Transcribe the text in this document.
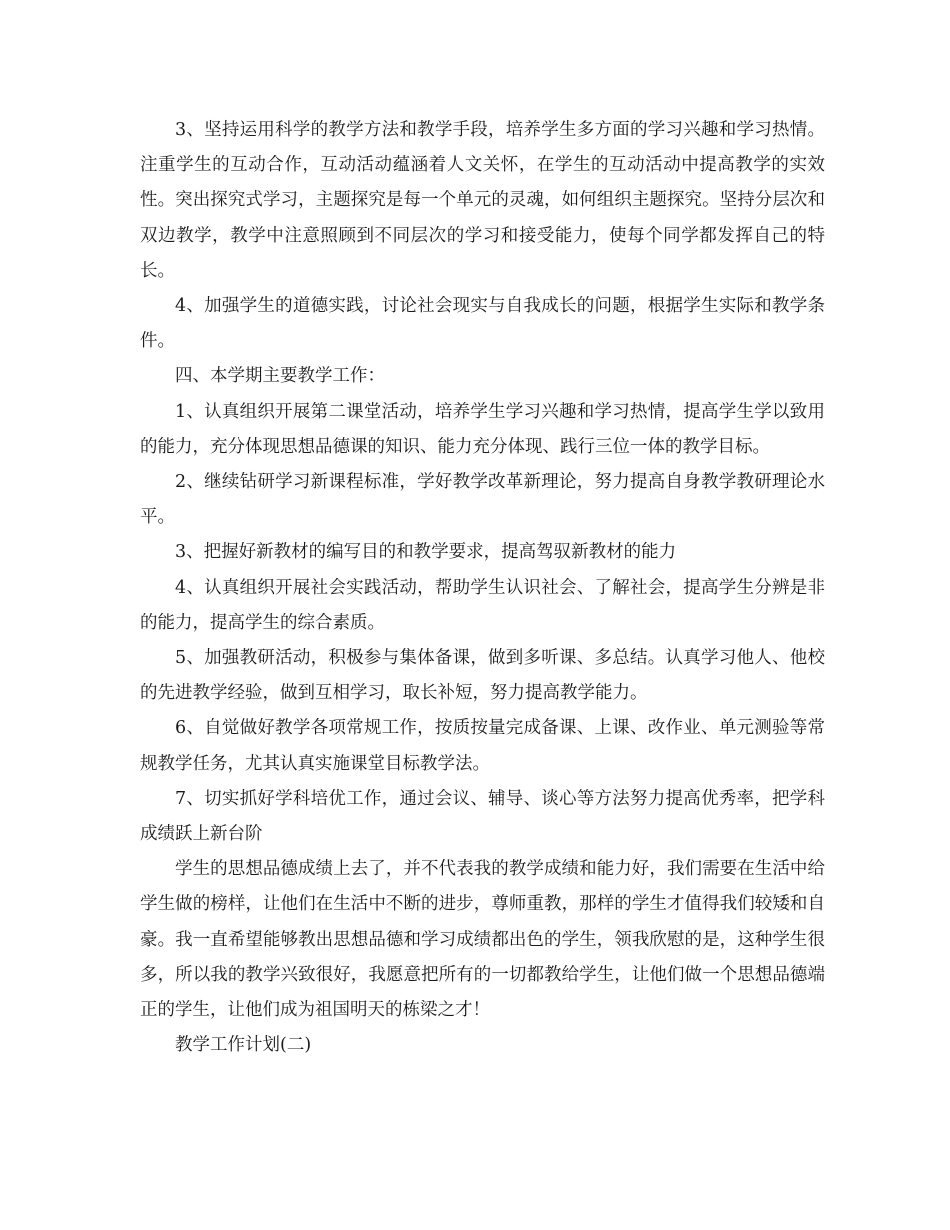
3、坚持运用科学的教学方法和教学手段，培养学生多方面的学习兴趣和学习热情。注重学生的互动合作，互动活动蕴涵着人文关怀，在学生的互动活动中提高教学的实效性。突出探究式学习，主题探究是每一个单元的灵魂，如何组织主题探究。坚持分层次和双边教学，教学中注意照顾到不同层次的学习和接受能力，使每个同学都发挥自己的特长。

4、加强学生的道德实践，讨论社会现实与自我成长的问题，根据学生实际和教学条件。

四、本学期主要教学工作：

1、认真组织开展第二课堂活动，培养学生学习兴趣和学习热情，提高学生学以致用的能力，充分体现思想品德课的知识、能力充分体现、践行三位一体的教学目标。

2、继续钻研学习新课程标准，学好教学改革新理论，努力提高自身教学教研理论水平。

3、把握好新教材的编写目的和教学要求，提高驾驭新教材的能力

4、认真组织开展社会实践活动，帮助学生认识社会、了解社会，提高学生分辨是非的能力，提高学生的综合素质。

5、加强教研活动，积极参与集体备课，做到多听课、多总结。认真学习他人、他校的先进教学经验，做到互相学习，取长补短，努力提高教学能力。

6、自觉做好教学各项常规工作，按质按量完成备课、上课、改作业、单元测验等常规教学任务，尤其认真实施课堂目标教学法。

7、切实抓好学科培优工作，通过会议、辅导、谈心等方法努力提高优秀率，把学科成绩跃上新台阶

学生的思想品德成绩上去了，并不代表我的教学成绩和能力好，我们需要在生活中给学生做的榜样，让他们在生活中不断的进步，尊师重教，那样的学生才值得我们较矮和自豪。我一直希望能够教出思想品德和学习成绩都出色的学生，领我欣慰的是，这种学生很多，所以我的教学兴致很好，我愿意把所有的一切都教给学生，让他们做一个思想品德端正的学生，让他们成为祖国明天的栋梁之才！

教学工作计划(二)
